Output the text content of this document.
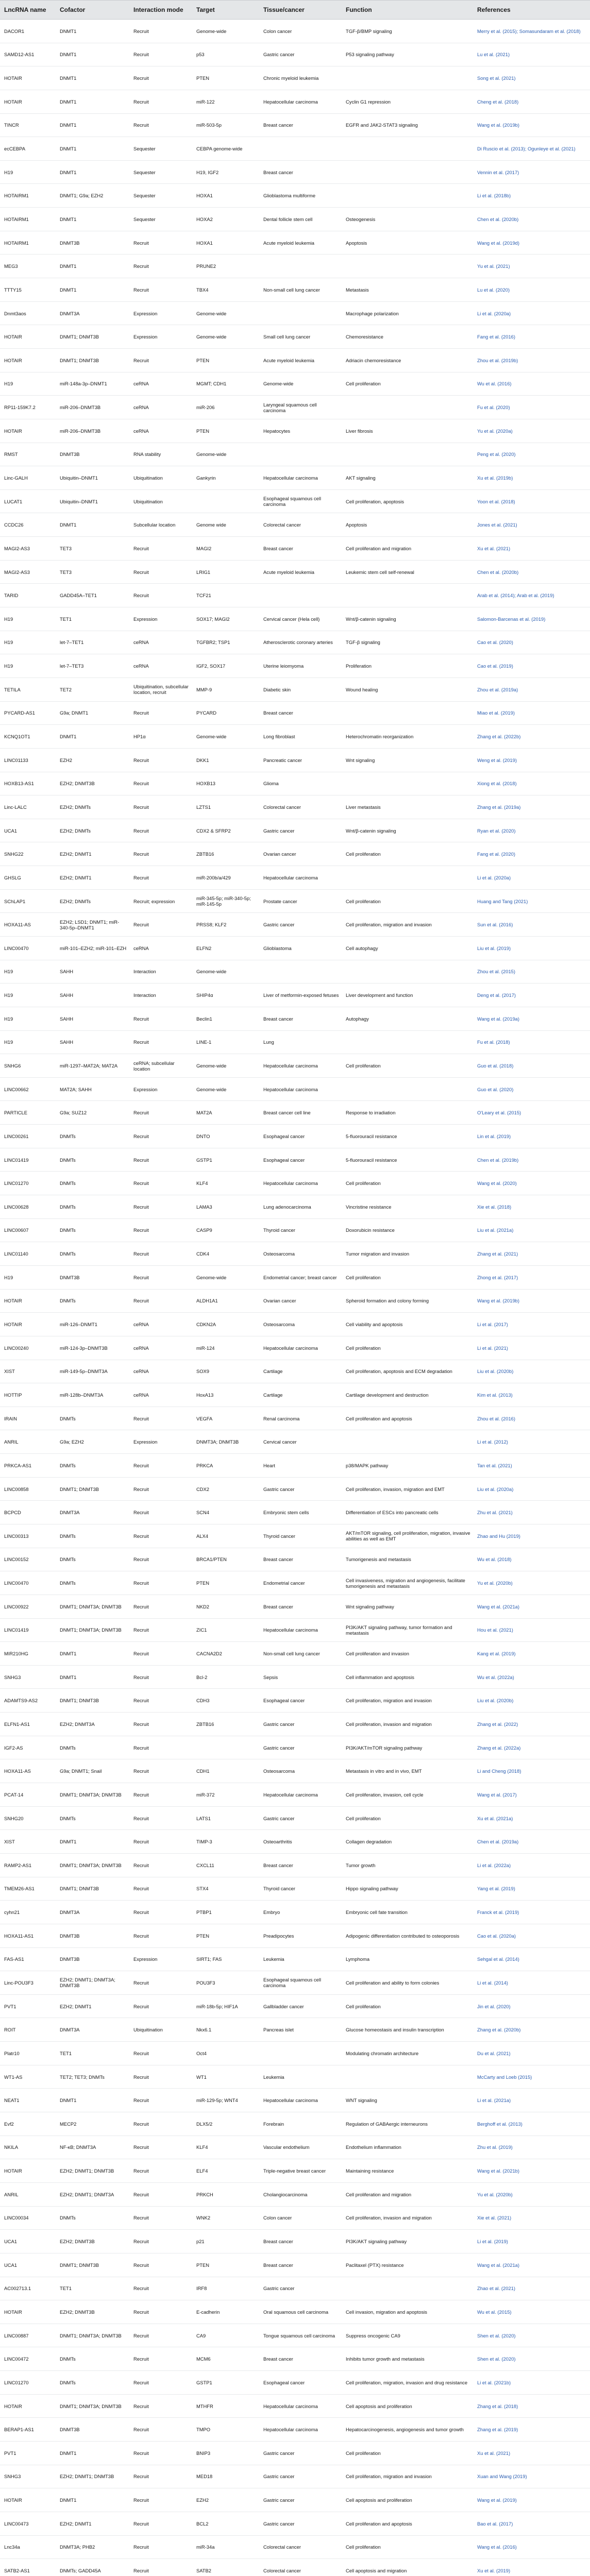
LncRNA name	Cofactor	Interaction mode	Target	Tissue/cancer	Function	References
DACOR1	DNMT1	Recruit	Genome-wide	Colon cancer	TGF-β/BMP signaling	Merry et al. (2015); Somasundaram et al. (2018)
SAMD12-AS1	DNMT1	Recruit	p53	Gastric cancer	P53 signaling pathway	Lu et al. (2021)
HOTAIR	DNMT1	Recruit	PTEN	Chronic myeloid leukemia		Song et al. (2021)
HOTAIR	DNMT1	Recruit	miR-122	Hepatocellular carcinoma	Cyclin G1 repression	Cheng et al. (2018)
TINCR	DNMT1	Recruit	miR-503-5p	Breast cancer	EGFR and JAK2-STAT3 signaling	Wang et al. (2019b)
ecCEBPA	DNMT1	Sequester	CEBPA genome-wide			Di Ruscio et al. (2013); Ogunleye et al. (2021)
H19	DNMT1	Sequester	H19, IGF2	Breast cancer		Vennin et al. (2017)
HOTAIRM1	DNMT1; G9a; EZH2	Sequester	HOXA1	Glioblastoma multiforme		Li et al. (2018b)
HOTAIRM1	DNMT1	Sequester	HOXA2	Dental follicle stem cell	Osteogenesis	Chen et al. (2020b)
HOTAIRM1	DNMT3B	Recruit	HOXA1	Acute myeloid leukemia	Apoptosis	Wang et al. (2019d)
MEG3	DNMT1	Recruit	PRUNE2			Yu et al. (2021)
TTTY15	DNMT1	Recruit	TBX4	Non-small cell lung cancer	Metastasis	Lu et al. (2020)
Dnmt3aos	DNMT3A	Expression	Genome-wide		Macrophage polarization	Li et al. (2020a)
HOTAIR	DNMT1; DNMT3B	Expression	Genome-wide	Small cell lung cancer	Chemoresistance	Fang et al. (2016)
HOTAIR	DNMT1; DNMT3B	Recruit	PTEN	Acute myeloid leukemia	Adriacin chemoresistance	Zhou et al. (2019b)
H19	miR-148a-3p–DNMT1	ceRNA	MGMT; CDH1	Genome-wide	Cell proliferation	Wu et al. (2016)
RP11-159K7.2	miR-206–DNMT3B	ceRNA	miR-206	Laryngeal squamous cell carcinoma		Fu et al. (2020)
HOTAIR	miR-206–DNMT3B	ceRNA	PTEN	Hepatocytes	Liver fibrosis	Yu et al. (2020a)
RMST	DNMT3B	RNA stability	Genome-wide			Peng et al. (2020)
Linc-GALH	Ubiquitin–DNMT1	Ubiquitination	Gankyrin	Hepatocellular carcinoma	AKT signaling	Xu et al. (2019b)
LUCAT1	Ubiquitin–DNMT1	Ubiquitination		Esophageal squamous cell carcinoma	Cell proliferation, apoptosis	Yoon et al. (2018)
CCDC26	DNMT1	Subcellular location	Genome wide	Colorectal cancer	Apoptosis	Jones et al. (2021)
MAGI2-AS3	TET3	Recruit	MAGI2	Breast cancer	Cell proliferation and migration	Xu et al. (2021)
MAGI2-AS3	TET3	Recruit	LRIG1	Acute myeloid leukemia	Leukemic stem cell self-renewal	Chen et al. (2020b)
TARID	GADD45A–TET1	Recruit	TCF21			Arab et al. (2014); Arab et al. (2019)
H19	TET1	Expression	SOX17; MAGI2	Cervical cancer (Hela cell)	Wnt/β-catenin signaling	Salomon-Barcenas et al. (2019)
H19	let-7–TET1	ceRNA	TGFBR2; TSP1	Atherosclerotic coronary arteries	TGF-β signaling	Cao et al. (2020)
H19	let-7–TET3	ceRNA	IGF2, SOX17	Uterine leiomyoma	Proliferation	Cao et al. (2019)
TETILA	TET2	Ubiquitination, subcellular location, recruit	MMP-9	Diabetic skin	Wound healing	Zhou et al. (2019a)
PYCARD-AS1	G9a; DNMT1	Recruit	PYCARD	Breast cancer		Miao et al. (2019)
KCNQ1OT1	DNMT1	HP1α	Genome-wide	Long fibroblast	Heterochromatin reorganization	Zhang et al. (2022b)
LINC01133	EZH2	Recruit	DKK1	Pancreatic cancer	Wnt signaling	Weng et al. (2019)
HOXB13-AS1	EZH2; DNMT3B	Recruit	HOXB13	Glioma		Xiong et al. (2018)
Linc-LALC	EZH2; DNMTs	Recruit	LZTS1	Colorectal cancer	Liver metastasis	Zhang et al. (2019a)
UCA1	EZH2; DNMTs	Recruit	CDX2 & SFRP2	Gastric cancer	Wnt/β-catenin signaling	Ryan et al. (2020)
SNHG22	EZH2; DNMT1	Recruit	ZBTB16	Ovarian cancer	Cell proliferation	Fang et al. (2020)
GHSLG	EZH2; DNMT1	Recruit	miR-200b/a/429	Hepatocellular carcinoma		Li et al. (2020a)
SChLAP1	EZH2; DNMTs	Recruit; expression	miR-345-5p; miR-340-5p; miR-145-5p	Prostate cancer	Cell proliferation	Huang and Tang (2021)
HOXA11-AS	EZH2; LSD1; DNMT1; miR-340-5p–DNMT1	Recruit	PRSS8; KLF2	Gastric cancer	Cell proliferation, migration and invasion	Sun et al. (2016)
LINC00470	miR-101–EZH2; miR-101–EZH	ceRNA	ELFN2	Glioblastoma	Cell autophagy	Liu et al. (2019)
H19	SAHH	Interaction	Genome-wide			Zhou et al. (2015)
H19	SAHH	Interaction	SHIP4α	Liver of metformin-exposed fetuses	Liver development and function	Deng et al. (2017)
H19	SAHH	Recruit	Beclin1	Breast cancer	Autophagy	Wang et al. (2019a)
H19	SAHH	Recruit	LINE-1	Lung		Fu et al. (2018)
SNHG6	miR-1297–MAT2A; MAT2A	ceRNA; subcellular location	Genome-wide	Hepatocellular carcinoma	Cell proliferation	Guo et al. (2018)
LINC00662	MAT2A; SAHH	Expression	Genome-wide	Hepatocellular carcinoma		Guo et al. (2020)
PARTICLE	G9a; SUZ12	Recruit	MAT2A	Breast cancer cell line	Response to irradiation	O'Leary et al. (2015)
LINC00261	DNMTs	Recruit	DNTO	Esophageal cancer	5-fluorouracil resistance	Lin et al. (2019)
LINC01419	DNMTs	Recruit	GSTP1	Esophageal cancer	5-fluorouracil resistance	Chen et al. (2019b)
LINC01270	DNMTs	Recruit	KLF4	Hepatocellular carcinoma	Cell proliferation	Wang et al. (2020)
LINC00628	DNMTs	Recruit	LAMA3	Lung adenocarcinoma	Vincristine resistance	Xie et al. (2018)
LINC00607	DNMTs	Recruit	CASP9	Thyroid cancer	Doxorubicin resistance	Liu et al. (2021a)
LINC01140	DNMTs	Recruit	CDK4	Osteosarcoma	Tumor migration and invasion	Zhang et al. (2021)
H19	DNMT3B	Recruit	Genome-wide	Endometrial cancer; breast cancer	Cell proliferation	Zhong et al. (2017)
HOTAIR	DNMTs	Recruit	ALDH1A1	Ovarian cancer	Spheroid formation and colony forming	Wang et al. (2019b)
HOTAIR	miR-126–DNMT1	ceRNA	CDKN2A	Osteosarcoma	Cell viability and apoptosis	Li et al. (2017)
LINC00240	miR-124-3p–DNMT3B	ceRNA	miR-124	Hepatocellular carcinoma	Cell proliferation	Li et al. (2021)
XIST	miR-149-5p–DNMT3A	ceRNA	SOX9	Cartilage	Cell proliferation, apoptosis and ECM degradation	Liu et al. (2020b)
HOTTIP	miR-128b–DNMT3A	ceRNA	HoxA13	Cartilage	Cartilage development and destruction	Kim et al. (2013)
IRAIN	DNMTs	Recruit	VEGFA	Renal carcinoma	Cell proliferation and apoptosis	Zhou et al. (2016)
ANRIL	G9a; EZH2	Expression	DNMT3A; DNMT3B	Cervical cancer		Li et al. (2012)
PRKCA-AS1	DNMTs	Recruit	PRKCA	Heart	p38/MAPK pathway	Tan et al. (2021)
LINC00858	DNMT1; DNMT3B	Recruit	CDX2	Gastric cancer	Cell proliferation, invasion, migration and EMT	Liu et al. (2020a)
BCPCD	DNMT3A	Recruit	SCN4	Embryonic stem cells	Differentiation of ESCs into pancreatic cells	Zhu et al. (2021)
LINC00313	DNMTs	Recruit	ALX4	Thyroid cancer	AKT/mTOR signaling, cell proliferation, migration, invasive abilities as well as EMT	Zhao and Hu (2019)
LINC00152	DNMTs	Recruit	BRCA1/PTEN	Breast cancer	Tumorigenesis and metastasis	Wu et al. (2018)
LINC00470	DNMTs	Recruit	PTEN	Endometrial cancer	Cell invasiveness, migration and angiogenesis, facilitate tumorigenesis and metastasis	Yu et al. (2020b)
LINC00922	DNMT1; DNMT3A; DNMT3B	Recruit	NKD2	Breast cancer	Wnt signaling pathway	Wang et al. (2021a)
LINC01419	DNMT1; DNMT3A; DNMT3B	Recruit	ZIC1	Hepatocellular carcinoma	PI3K/AKT signaling pathway, tumor formation and metastasis	Hou et al. (2021)
MIR210HG	DNMT1	Recruit	CACNA2D2	Non-small cell lung cancer	Cell proliferation and invasion	Kang et al. (2019)
SNHG3	DNMT1	Recruit	Bcl-2	Sepsis	Cell inflammation and apoptosis	Wu et al. (2022a)
ADAMTS9-AS2	DNMT1; DNMT3B	Recruit	CDH3	Esophageal cancer	Cell proliferation, migration and invasion	Liu et al. (2020b)
ELFN1-AS1	EZH2; DNMT3A	Recruit	ZBTB16	Gastric cancer	Cell proliferation, invasion and migration	Zhang et al. (2022)
IGF2-AS	DNMTs	Recruit		Gastric cancer	PI3K/AKT/mTOR signaling pathway	Zhang et al. (2022a)
HOXA11-AS	G9a; DNMT1; Snail	Recruit	CDH1	Osteosarcoma	Metastasis in vitro and in vivo, EMT	Li and Cheng (2018)
PCAT-14	DNMT1; DNMT3A; DNMT3B	Recruit	miR-372	Hepatocellular carcinoma	Cell proliferation, invasion, cell cycle	Wang et al. (2017)
SNHG20	DNMTs	Recruit	LATS1	Gastric cancer	Cell proliferation	Xu et al. (2021a)
XIST	DNMT1	Recruit	TIMP-3	Osteoarthritis	Collagen degradation	Chen et al. (2019a)
RAMP2-AS1	DNMT1; DNMT3A; DNMT3B	Recruit	CXCL11	Breast cancer	Tumor growth	Li et al. (2022a)
TMEM26-AS1	DNMT1; DNMT3B	Recruit	STX4	Thyroid cancer	Hippo signaling pathway	Yang et al. (2019)
cyhn21	DNMT3A	Recruit	PTBP1	Embryo	Embryonic cell fate transition	Franck et al. (2019)
HOXA11-AS1	DNMT3B	Recruit	PTEN	Preadipocytes	Adipogenic differentiation contributed to osteoporosis	Cao et al. (2020a)
FAS-AS1	DNMT3B	Expression	SIRT1; FAS	Leukemia	Lymphoma	Sehgal et al. (2014)
Linc-POU3F3	EZH2; DNMT1; DNMT3A; DNMT3B	Recruit	POU3F3	Esophageal squamous cell carcinoma	Cell proliferation and ability to form colonies	Li et al. (2014)
PVT1	EZH2; DNMT1	Recruit	miR-18b-5p; HIF1A	Gallbladder cancer	Cell proliferation	Jin et al. (2020)
ROIT	DNMT3A	Ubiquitination	Nkx6.1	Pancreas islet	Glucose homeostasis and insulin transcription	Zhang et al. (2020b)
Platr10	TET1	Recruit	Oct4		Modulating chromatin architecture	Du et al. (2021)
WT1-AS	TET2; TET3; DNMTs	Recruit	WT1	Leukemia		McCarty and Loeb (2015)
NEAT1	DNMT1	Recruit	miR-129-5p; WNT4	Hepatocellular carcinoma	WNT signaling	Li et al. (2021a)
Evf2	MECP2	Recruit	DLX5/2	Forebrain	Regulation of GABAergic interneurons	Berghoff et al. (2013)
NKILA	NF-κB; DNMT3A	Recruit	KLF4	Vascular endothelium	Endothelium inflammation	Zhu et al. (2019)
HOTAIR	EZH2; DNMT1; DNMT3B	Recruit	ELF4	Triple-negative breast cancer	Maintaining resistance	Wang et al. (2021b)
ANRIL	EZH2; DNMT1; DNMT3A	Recruit	PRKCH	Cholangiocarcinoma	Cell proliferation and migration	Yu et al. (2020b)
LINC00034	DNMTs	Recruit	WNK2	Colon cancer	Cell proliferation, invasion and migration	Xie et al. (2021)
UCA1	EZH2; DNMT3B	Recruit	p21	Breast cancer	PI3K/AKT signaling pathway	Li et al. (2019)
UCA1	DNMT1; DNMT3B	Recruit	PTEN	Breast cancer	Paclitaxel (PTX) resistance	Wang et al. (2021a)
AC002713.1	TET1	Recruit	IRF8	Gastric cancer		Zhao et al. (2021)
HOTAIR	EZH2; DNMT3B	Recruit	E-cadherin	Oral squamous cell carcinoma	Cell invasion, migration and apoptosis	Wu et al. (2015)
LINC00887	DNMT1; DNMT3A; DNMT3B	Recruit	CA9	Tongue squamous cell carcinoma	Suppress oncogenic CA9	Shen et al. (2020)
LINC00472	DNMTs	Recruit	MCM6	Breast cancer	Inhibits tumor growth and metastasis	Shen et al. (2020)
LINC01270	DNMTs	Recruit	GSTP1	Esophageal cancer	Cell proliferation, migration, invasion and drug resistance	Li et al. (2021b)
HOTAIR	DNMT1; DNMT3A; DNMT3B	Recruit	MTHFR	Hepatocellular carcinoma	Cell apoptosis and proliferation	Zhang et al. (2018)
BERAP1-AS1	DNMT3B	Recruit	TMPO	Hepatocellular carcinoma	Hepatocarcinogenesis, angiogenesis and tumor growth	Zhang et al. (2019)
PVT1	DNMT1	Recruit	BNIP3	Gastric cancer	Cell proliferation	Xu et al. (2021)
SNHG3	EZH2; DNMT1; DNMT3B	Recruit	MED18	Gastric cancer	Cell proliferation, migration and invasion	Xuan and Wang (2019)
HOTAIR	DNMT1	Recruit	EZH2	Gastric cancer	Cell apoptosis and proliferation	Wang et al. (2019)
LINC00473	EZH2; DNMT1	Recruit	BCL2	Gastric cancer	Cell proliferation and apoptosis	Bao et al. (2017)
Lnc34a	DNMT3A; PHB2	Recruit	miR-34a	Colorectal cancer	Cell proliferation	Wang et al. (2016)
SATB2-AS1	DNMTs; GADD45A	Recruit	SATB2	Colorectal cancer	Cell apoptosis and migration	Xu et al. (2019)
